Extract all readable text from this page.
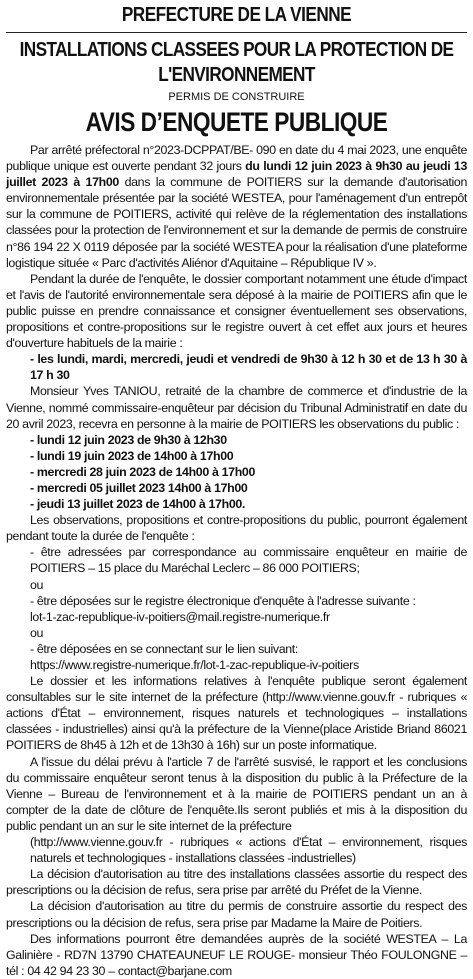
PREFECTURE DE LA VIENNE
INSTALLATIONS CLASSEES POUR LA PROTECTION DE L'ENVIRONNEMENT
PERMIS DE CONSTRUIRE
AVIS D’ENQUETE PUBLIQUE

Par arrêté préfectoral n°2023-DCPPAT/BE- 090 en date du 4 mai 2023, une enquête publique unique est ouverte pendant 32 jours du lundi 12 juin 2023 à 9h30 au jeudi 13 juillet 2023 à 17h00 dans la commune de POITIERS sur la demande d'autorisation environnementale présentée par la société WESTEA, pour l'aménagement d'un entrepôt sur la commune de POITIERS, activité qui relève de la réglementation des installations classées pour la protection de l'environnement et sur la demande de permis de construire n°86 194 22 X 0119 déposée par la société WESTEA pour la réalisation d'une plateforme logistique située « Parc d'activités Aliénor d'Aquitaine – République IV ».

Pendant la durée de l'enquête, le dossier comportant notamment une étude d'impact et l'avis de l'autorité environnementale sera déposé à la mairie de POITIERS afin que le public puisse en prendre connaissance et consigner éventuellement ses observations, propositions et contre-propositions sur le registre ouvert à cet effet aux jours et heures d'ouverture habituels de la mairie :

- les lundi, mardi, mercredi, jeudi et vendredi de 9h30 à 12 h 30 et de 13 h 30 à 17 h 30

Monsieur Yves TANIOU, retraité de la chambre de commerce et d'industrie de la Vienne, nommé commissaire-enquêteur par décision du Tribunal Administratif en date du 20 avril 2023, recevra en personne à la mairie de POITIERS les observations du public :

- lundi 12 juin 2023 de 9h30 à 12h30

- lundi 19 juin 2023 de 14h00 à 17h00

- mercredi 28 juin 2023 de 14h00 à 17h00

- mercredi 05 juillet 2023 14h00 à 17h00

- jeudi 13 juillet 2023 de 14h00 à 17h00.

Les observations, propositions et contre-propositions du public, pourront également pendant toute la durée de l'enquête :

- être adressées par correspondance au commissaire enquêteur en mairie de POITIERS – 15 place du Maréchal Leclerc – 86 000 POITIERS;

ou

- être déposées sur le registre électronique d'enquête à l'adresse suivante :

lot-1-zac-republique-iv-poitiers@mail.registre-numerique.fr

ou

- être déposées en se connectant sur le lien suivant:

https://www.registre-numerique.fr/lot-1-zac-republique-iv-poitiers

Le dossier et les informations relatives à l'enquête publique seront également consultables sur le site internet de la préfecture (http://www.vienne.gouv.fr - rubriques « actions d'État – environnement, risques naturels et technologiques – installations classées - industrielles) ainsi qu'à la préfecture de la Vienne(place Aristide Briand 86021 POITIERS de 8h45 à 12h et de 13h30 à 16h) sur un poste informatique.

A l'issue du délai prévu à l'article 7 de l'arrêté susvisé, le rapport et les conclusions du commissaire enquêteur seront tenus à la disposition du public à la Préfecture de la Vienne – Bureau de l'environnement et à la mairie de POITIERS pendant un an à compter de la date de clôture de l'enquête.Ils seront publiés et mis à la disposition du public pendant un an sur le site internet de la préfecture

(http://www.vienne.gouv.fr - rubriques « actions d'État – environnement, risques naturels et technologiques - installations classées -industrielles)

La décision d'autorisation au titre des installations classées assortie du respect des prescriptions ou la décision de refus, sera prise par arrêté du Préfet de la Vienne.

La décision d'autorisation au titre du permis de construire assortie du respect des prescriptions ou la décision de refus, sera prise par Madame la Maire de Poitiers.

Des informations pourront être demandées auprès de la société WESTEA – La Galinière - RD7N 13790 CHATEAUNEUF LE ROUGE- monsieur Théo FOULONGNE – tél : 04 42 94 23 30 – contact@barjane.com
